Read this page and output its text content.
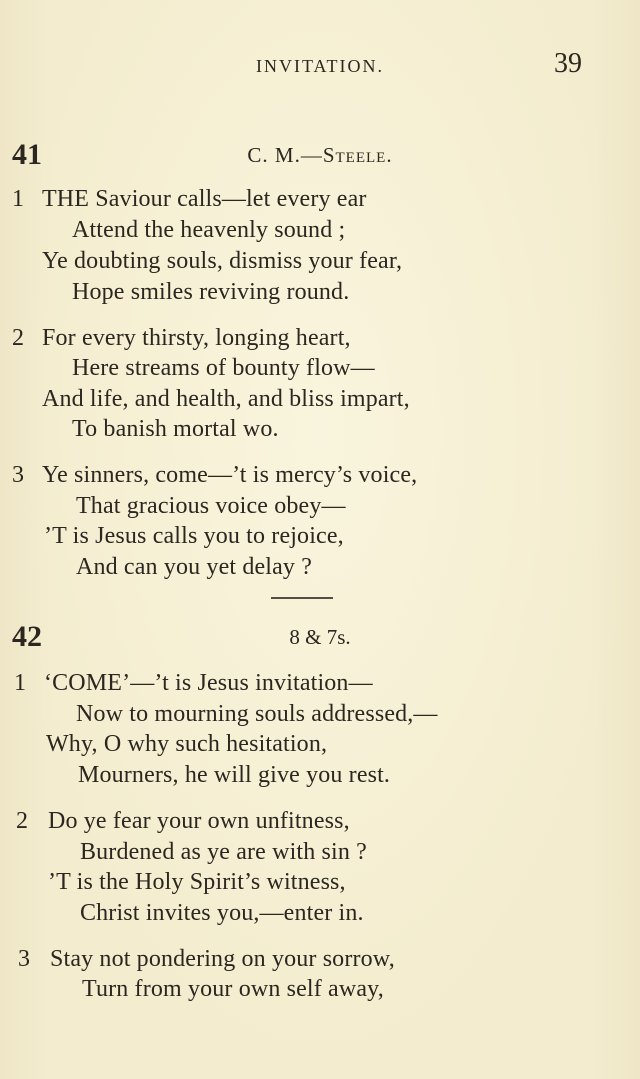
INVITATION.	39
41	C. M.—Steele.
1 THE Saviour calls—let every ear
Attend the heavenly sound ;
Ye doubting souls, dismiss your fear,
Hope smiles reviving round.
2 For every thirsty, longing heart,
Here streams of bounty flow—
And life, and health, and bliss impart,
To banish mortal wo.
3 Ye sinners, come—’t is mercy’s voice,
That gracious voice obey—
’T is Jesus calls you to rejoice,
And can you yet delay ?
42	8 & 7s.
1 ‘COME’—’t is Jesus invitation—
Now to mourning souls addressed,—
Why, O why such hesitation,
Mourners, he will give you rest.
2 Do ye fear your own unfitness,
Burdened as ye are with sin ?
’T is the Holy Spirit’s witness,
Christ invites you,—enter in.
3 Stay not pondering on your sorrow,
Turn from your own self away,
